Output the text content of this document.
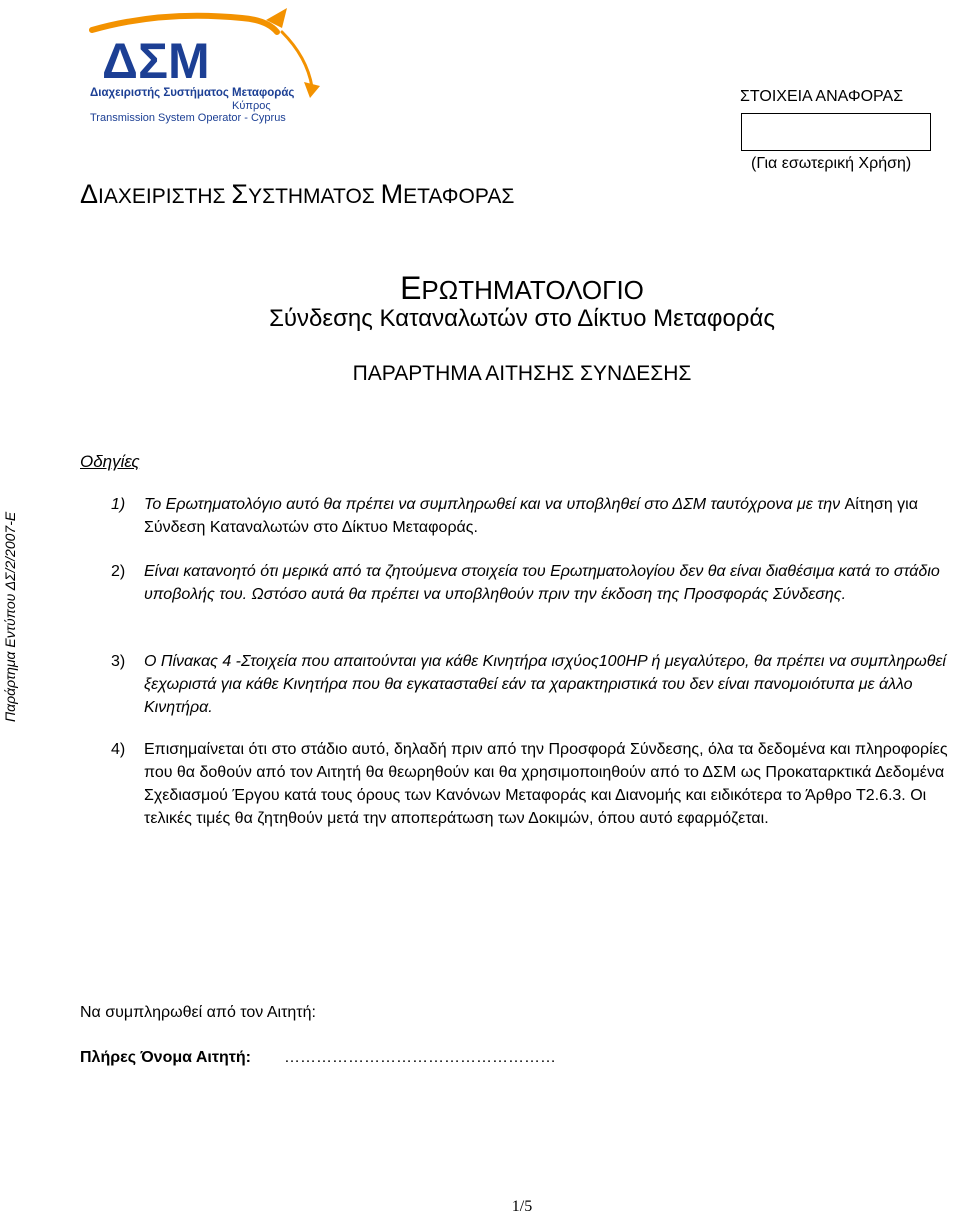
ΔΣΜ
Διαχειριστής Συστήματος Μεταφοράς
Κύπρος
Transmission System Operator - Cyprus
ΣΤΟΙΧΕΙΑ ΑΝΑΦΟΡΑΣ
(Για εσωτερική Χρήση)
ΔΙΑΧΕΙΡΙΣΤΗΣ ΣΥΣΤΗΜΑΤΟΣ ΜΕΤΑΦΟΡΑΣ
ΕΡΩΤΗΜΑΤΟΛΟΓΙΟ
Σύνδεσης Καταναλωτών στο Δίκτυο Μεταφοράς
ΠΑΡΑΡΤΗΜΑ ΑΙΤΗΣΗΣ ΣΥΝΔΕΣΗΣ
Οδηγίες
Παράρτημα Εντύπου ΔΣ/2/2007-Ε
1) Το Ερωτηματολόγιο αυτό θα πρέπει να συμπληρωθεί και να υποβληθεί στο ΔΣΜ ταυτόχρονα με την Αίτηση για Σύνδεση Καταναλωτών στο Δίκτυο Μεταφοράς.
2) Είναι κατανοητό ότι μερικά από τα ζητούμενα στοιχεία του Ερωτηματολογίου δεν θα είναι διαθέσιμα κατά το στάδιο υποβολής του. Ωστόσο αυτά θα πρέπει να υποβληθούν πριν την έκδοση της Προσφοράς Σύνδεσης.
3) Ο Πίνακας 4 -Στοιχεία που απαιτούνται για κάθε Κινητήρα ισχύος100HP ή μεγαλύτερο, θα πρέπει να συμπληρωθεί ξεχωριστά για κάθε Κινητήρα που θα εγκατασταθεί εάν τα χαρακτηριστικά του δεν είναι πανομοιότυπα με άλλο Κινητήρα.
4) Επισημαίνεται ότι στο στάδιο αυτό, δηλαδή πριν από την Προσφορά Σύνδεσης, όλα τα δεδομένα και πληροφορίες που θα δοθούν από τον Αιτητή θα θεωρηθούν και θα χρησιμοποιηθούν από το ΔΣΜ ως Προκαταρκτικά Δεδομένα Σχεδιασμού Έργου κατά τους όρους των Κανόνων Μεταφοράς και Διανομής και ειδικότερα το Άρθρο Τ2.6.3. Οι τελικές τιμές θα ζητηθούν μετά την αποπεράτωση των Δοκιμών, όπου αυτό εφαρμόζεται.
Να συμπληρωθεί από τον Αιτητή:
Πλήρες Όνομα Αιτητή: ……………………………………………
1/5
